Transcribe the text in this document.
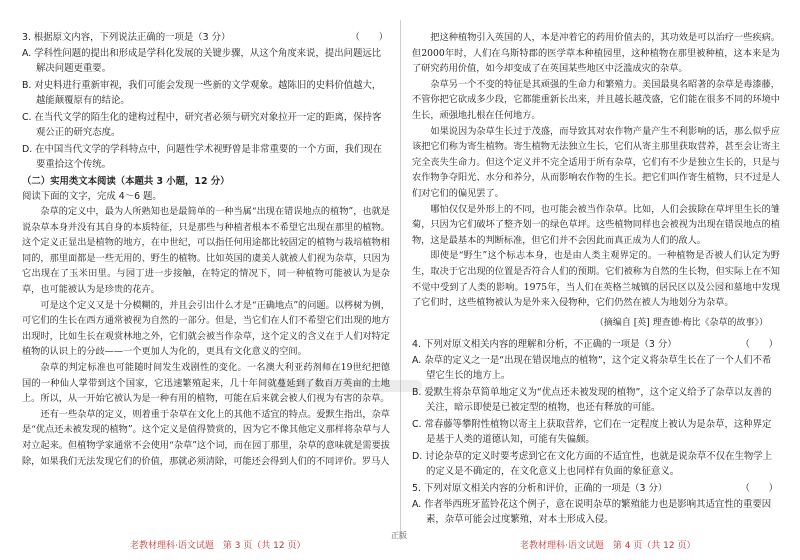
3. 根据原文内容，下列说法正确的一项是（3 分）	（　　）

A. 学科性问题的提出和形成是学科化发展的关键步骤，从这个角度来说，提出问题远比解决问题更重要。

B. 对史料进行重新审视，我们可能会发现一些新的文学观象。越陈旧的史料价值越大，越能颠覆原有的结论。

C. 在当代文学的陌生化的建构过程中，研究者必须与研究对象拉开一定的距离，保持客观公正的研究态度。

D. 在中国当代文学的学科特点中，问题性学术视野曾是非常重要的一个方面，我们现在要重拾这个传统。

（二）实用类文本阅读（本题共 3 小题，12 分）

阅读下面的文字，完成 4～6 题。

杂草的定义中，最为人所熟知也是最简单的一种当属“出现在错误地点的植物”，也就是说杂草本身并没有其自身的本质特征，只是那些与种植者根本不希望它出现在那里的植物。这个定义正显出是植物的地方，在中世纪，可以指任何用途都比较固定的植物与栽培植物相同的，那里面都是一些无用的、野生的植物。比如英国的虞美人就被人们视为杂草，只因为它出现在了玉米田里。与园丁进一步接触，在特定的情况下，同一种植物可能被认为是杂草，也可能被认为是珍贵的花卉。

可是这个定义又是十分模糊的，并且会引出什么才是“正确地点”的问题。以梣树为例，可它们的生长在西方通常被视为自然的一部分。但是，当它们在人们不希望它们出现的地方出现时，比如生长在观赏林地之外，它们就会被当作杂草，这个定义的含义在于人们对特定植物的认识上的分歧——一个更加人为化的，更具有文化意义的空间。

杂草的判定标准也可能随时间发生戏剧性的变化。一名澳大利亚药剂师在19世纪把德国的一种仙人掌带到这个国家，它迅速繁殖起来，几十年间就蔓延到了数百万英亩的土地上。所以，从一开始它被认为是一种有用的植物，可能在后来就会被人们视为有害的杂草。

还有一些杂草的定义，则着重于杂草在文化上的其他不适宜的特点。爱默生指出，杂草是“优点还未被发现的植物”。这个定义是值得赞赏的，因为它不像其他定义那样将杂草与人对立起来。但植物学家通常不会使用“杂草”这个词，而在园丁那里，杂草的意味就是需要拔除，如果我们无法发现它们的价值，那就必须清除，可能还会得到人们的不同评价。罗马人

把这种植物引入英国的人，本是冲着它的药用价值去的，其功效是可以治疗一些疾病。但2000年时，人们在乌斯特郡的医学草本种植园里，这种植物在那里被种植，这本来是为了研究药用价值，如今却变成了在英国某些地区中泛滥成灾的杂草。

杂草另一个不变的特征是其顽强的生命力和繁殖力。美国最臭名昭著的杂草是毒漆藤，不管你把它砍成多少段，它都能重新长出来，并且越长越茂盛，它们能在很多不同的环境中生长，顽强地扎根在任何地方。

如果说因为杂草生长过于茂盛，而导致其对农作物产量产生不利影响的话，那么似乎应该把它们称为寄生植物。寄生植物无法独立生长，它们从寄主那里获取营养，甚至会让寄主完全丧失生命力。但这个定义并不完全适用于所有杂草，它们有不少是独立生长的，只是与农作物争夺阳光、水分和养分，从而影响农作物的生长。把它们叫作寄生植物，只不过是人们对它们的偏见罢了。

哪怕仅仅是外形上的不同，也可能会被当作杂草。比如，人们会拔除在草坪里生长的雏菊，只因为它们破坏了整齐划一的绿色草坪。这些植物同样也会被视为出现在错误地点的植物，这是最基本的判断标准，但它们并不会因此而真正成为人们的敌人。

即使是“野生”这个标志本身，也是由人类主观界定的。一种植物是否被人们认定为野生，取决于它出现的位置是否符合人们的预期。它们被称为自然的生长物，但实际上在不知不觉中受到了人类的影响。1975年，当人们在英格兰城镇的居民区以及公园和墓地中发现了它们时，这些植物被认为是外来入侵物种，它们仍然在被人为地划分为杂草。

（摘编自 [英] 理查德·梅比《杂草的故事》）

4. 下列对原文相关内容的理解和分析，不正确的一项是（3 分）	（　　）

A. 杂草的定义之一是“出现在错误地点的植物”，这个定义将杂草生长在了一个人们不希望它生长的地方上。

B. 爱默生将杂草简单地定义为“优点还未被发现的植物”，这个定义给予了杂草以友善的关注，暗示即使是已被定型的植物，也还有释放的可能。

C. 常春藤等攀附性植物以寄主上获取营养，它们在一定程度上被认为是杂草，这种界定是基于人类的道德认知，可能有失偏颇。

D. 讨论杂草的定义时要考虑到它在文化方面的不适宜性，也就是说杂草不仅在生物学上的定义是不确定的，在文化意义上也同样有负面的象征意义。

5. 下列对原文相关内容的分析和评价，正确的一项是（3 分）	（　　）

A. 作者举西班牙蓝铃花这个例子，意在说明杂草的繁殖能力也是影响其适宜性的重要因素，杂草可能会过度繁殖，对本土形成入侵。

老教材理科·语文试题　第 3 页（共 12 页）
正版
老教材理科·语文试题　第 4 页（共 12 页）
